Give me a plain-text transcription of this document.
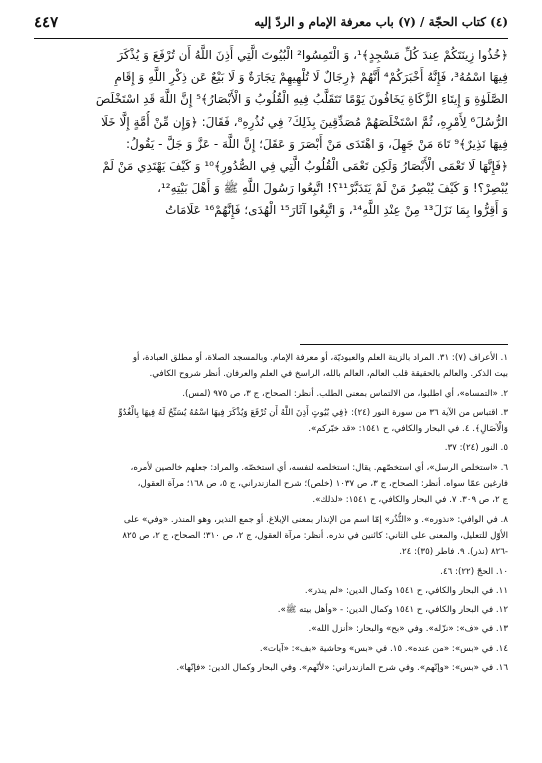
(٤) كتاب الحجّة / (٧) باب معرفة الإمام و الردّ إليه
٤٤٧
﴿خُذُوا زِينَتَكُمْ عِندَ كُلِّ مَسْجِدٍ﴾¹، وَ الْتَمِسُوا² الْبُيُوتَ الَّتِي أَذِنَ اللَّهُ أَن تُرْفَعَ وَ يُذْكَرَ
فِيهَا اسْمُهُ³، فَإِنَّهُ أَخْبَرَكُمْ⁴ أَنَّهُمْ ﴿رِجَالٌ لَا تُلْهِيهِمْ تِجَارَةٌ وَ لَا بَيْعٌ عَن ذِكْرِ اللَّهِ وَ إِقَامِ
الصَّلَوٰةِ وَ إِيتَاءِ الزَّكَاةِ يَخَافُونَ يَوْمًا تَتَقَلَّبُ فِيهِ الْقُلُوبُ وَ الْأَبْصَارُ﴾⁵ إِنَّ اللَّهَ قَدِ اسْتَخْلَصَ
الرُّسُلَ⁶ لِأَمْرِهِ، ثُمَّ اسْتَخْلَصَهُمْ مُصَدِّقِينَ بِذَلِكَ⁷ فِي نُذُرِهِ⁸، فَقَالَ: ﴿وَإِن مِّنْ أُمَّةٍ إِلَّا خَلَا
فِيهَا نَذِيرٌ﴾⁹ تَاهَ مَنْ جَهِلَ، وَ اهْتَدَى مَنْ أَبْصَرَ وَ عَقَلَ؛ إِنَّ اللَّهَ - عَزَّ وَ جَلَّ - يَقُولُ:
﴿فَإِنَّهَا لَا تَعْمَى الْأَبْصَارُ وَلَكِن تَعْمَى الْقُلُوبُ الَّتِي فِي الصُّدُورِ﴾¹⁰ وَ كَيْفَ يَهْتَدِي مَنْ لَمْ
يُبْصِرْ؟! وَ كَيْفَ يُبْصِرُ مَنْ لَمْ يَتَدَبَّرْ¹¹؟! اتَّبِعُوا رَسُولَ اللَّهِ ﷺ وَ أَهْلَ بَيْتِهِ¹²،
وَ أَقِرُّوا بِمَا نَزَلَ¹³ مِنْ عِنْدِ اللَّهِ¹⁴، وَ اتَّبِعُوا آثَارَ¹⁵ الْهُدَى؛ فَإِنَّهُمْ¹⁶ عَلَامَاتُ
١. الأعراف (٧): ٣١. المراد بالزينة العلم والعبوديّة، أو معرفة الإمام. وبالمسجد الصلاة، أو مطلق العبادة، أو
بيت الذكر. والعالم بالحقيقة قلب العالم، العالم بالله، الراسخ في العلم والعرفان. أنظر شروح الكافي.
٢. «التمساه»، أي اطلبوا، من الالتماس بمعنى الطلب. أنظر: الصحاح، ج ٣، ص ٩٧٥ (لمس).
٣. اقتباس من الآية ٣٦ من سورة النور (٢٤): ﴿فِي بُيُوتٍ أَذِنَ اللَّهُ أَن تُرْفَعَ وَيُذْكَرَ فِيهَا اسْمُهُ يُسَبِّحُ لَهُ فِيهَا بِالْغُدُوِّ
وَالْآصَالِ﴾. ٤. في البحار والكافي، ح ١٥٤١: «قد خبّركم».
٥. النور (٢٤): ٣٧.
٦. «استخلص الرسل»، أي استخصّهم. يقال: استخلصه لنفسه، أي استخصّه. والمراد: جعلهم خالصين لأمره،
فارغين عمّا سواه. أنظر: الصحاح، ج ٣، ص ١٠٣٧ (خلص)؛ شرح المازندراني، ج ٥، ص ١٦٨؛ مرآة العقول،
ج ٢، ص ٣٠٩. ٧. في البحار والكافي، ح ١٥٤١: «لذلك».
٨. في الوافي: «نذوره». و «النُّذُر» إمّا اسم من الإنذار بمعنى الإبلاغ. أو جمع النذير، وهو المنذر. «وفي» على
الأوّل للتعليل، والمعنى على الثاني: كائنين في نذره. أنظر: مرآة العقول، ج ٢، ص ٣١٠؛ الصحاح، ج ٢، ص ٨٢٥
-٨٢٦ (نذر). ٩. فاطر (٣٥): ٢٤.
١٠. الحجّ (٢٢): ٤٦.
١١. في البحار والكافي، ح ١٥٤١ وكمال الدين: «لم ينذر».
١٢. في البحار والكافي، ح ١٥٤١ وكمال الدين: - «وأهل بيته ﷺ».
١٣. في «ف»: «نزّله». وفي «بح» والبحار: «أنزل الله».
١٤. في «بس»: «من عنده». ١٥. في «بس» وحاشية «بف»: «آيات».
١٦. في «بس»: «وإنّهم». وفي شرح المازندراني: «لأنّهم». وفي البحار وكمال الدين: «فإنّها».
